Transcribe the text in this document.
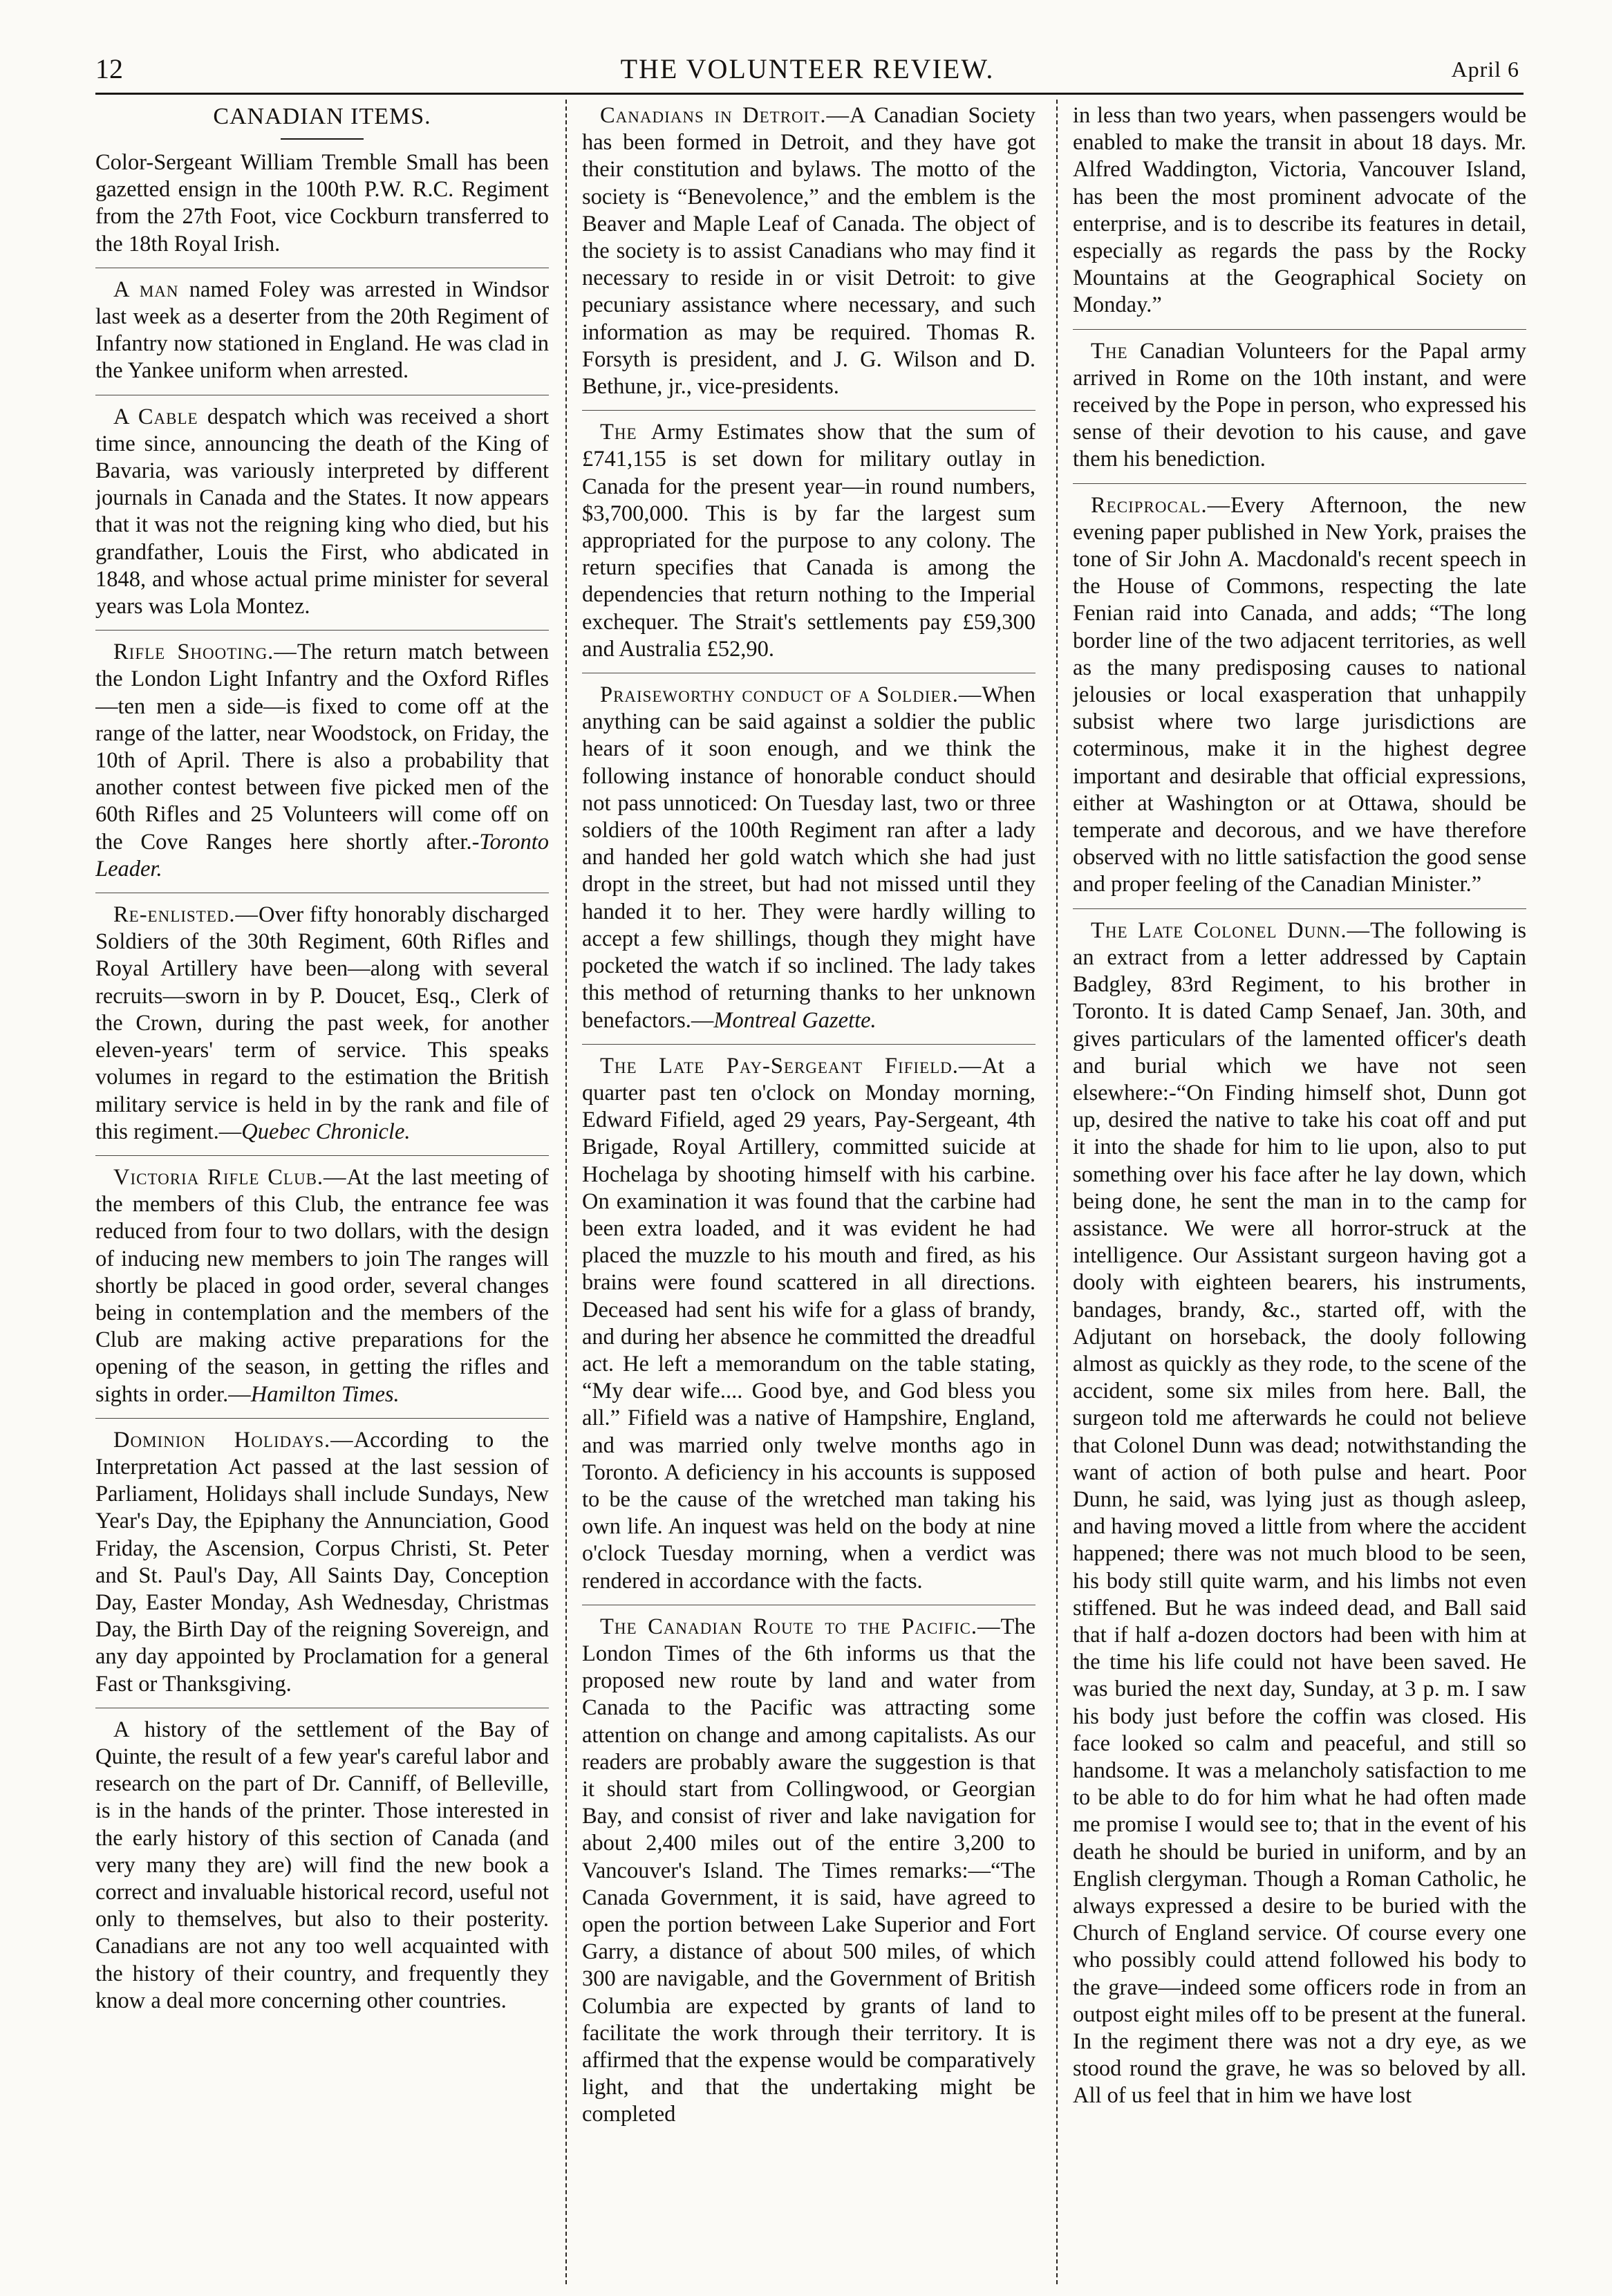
THE VOLUNTEER REVIEW.
12	April 6
CANADIAN ITEMS.

Color-Sergeant William Tremble Small has been gazetted ensign in the 100th P.W. R.C. Regiment from the 27th Foot, vice Cockburn transferred to the 18th Royal Irish.

A man named Foley was arrested in Windsor last week as a deserter from the 20th Regiment of Infantry now stationed in England. He was clad in the Yankee uniform when arrested.

A Cable despatch which was received a short time since, announcing the death of the King of Bavaria, was variously interpreted by different journals in Canada and the States. It now appears that it was not the reigning king who died, but his grandfather, Louis the First, who abdicated in 1848, and whose actual prime minister for several years was Lola Montez.

Rifle Shooting.—The return match between the London Light Infantry and the Oxford Rifles—ten men a side—is fixed to come off at the range of the latter, near Woodstock, on Friday, the 10th of April. There is also a probability that another contest between five picked men of the 60th Rifles and 25 Volunteers will come off on the Cove Ranges here shortly after.-Toronto Leader.

Re-enlisted.—Over fifty honorably discharged Soldiers of the 30th Regiment, 60th Rifles and Royal Artillery have been—along with several recruits—sworn in by P. Doucet, Esq., Clerk of the Crown, during the past week, for another eleven-years' term of service. This speaks volumes in regard to the estimation the British military service is held in by the rank and file of this regiment.—Quebec Chronicle.

Victoria Rifle Club.—At the last meeting of the members of this Club, the entrance fee was reduced from four to two dollars, with the design of inducing new members to join The ranges will shortly be placed in good order, several changes being in contemplation and the members of the Club are making active preparations for the opening of the season, in getting the rifles and sights in order.—Hamilton Times.

Dominion Holidays.—According to the Interpretation Act passed at the last session of Parliament, Holidays shall include Sundays, New Year's Day, the Epiphany the Annunciation, Good Friday, the Ascension, Corpus Christi, St. Peter and St. Paul's Day, All Saints Day, Conception Day, Easter Monday, Ash Wednesday, Christmas Day, the Birth Day of the reigning Sovereign, and any day appointed by Proclamation for a general Fast or Thanksgiving.

A history of the settlement of the Bay of Quinte, the result of a few year's careful labor and research on the part of Dr. Canniff, of Belleville, is in the hands of the printer. Those interested in the early history of this section of Canada (and very many they are) will find the new book a correct and invaluable historical record, useful not only to themselves, but also to their posterity. Canadians are not any too well acquainted with the history of their country, and frequently they know a deal more concerning other countries.

Canadians in Detroit.—A Canadian Society has been formed in Detroit, and they have got their constitution and bylaws. The motto of the society is “Benevolence,” and the emblem is the Beaver and Maple Leaf of Canada. The object of the society is to assist Canadians who may find it necessary to reside in or visit Detroit: to give pecuniary assistance where necessary, and such information as may be required. Thomas R. Forsyth is president, and J. G. Wilson and D. Bethune, jr., vice-presidents.

The Army Estimates show that the sum of £741,155 is set down for military outlay in Canada for the present year—in round numbers, $3,700,000. This is by far the largest sum appropriated for the purpose to any colony. The return specifies that Canada is among the dependencies that return nothing to the Imperial exchequer. The Strait's settlements pay £59,300 and Australia £52,90.

Praiseworthy conduct of a Soldier.—When anything can be said against a soldier the public hears of it soon enough, and we think the following instance of honorable conduct should not pass unnoticed: On Tuesday last, two or three soldiers of the 100th Regiment ran after a lady and handed her gold watch which she had just dropt in the street, but had not missed until they handed it to her. They were hardly willing to accept a few shillings, though they might have pocketed the watch if so inclined. The lady takes this method of returning thanks to her unknown benefactors.—Montreal Gazette.

The Late Pay-Sergeant Fifield.—At a quarter past ten o'clock on Monday morning, Edward Fifield, aged 29 years, Pay-Sergeant, 4th Brigade, Royal Artillery, committed suicide at Hochelaga by shooting himself with his carbine. On examination it was found that the carbine had been extra loaded, and it was evident he had placed the muzzle to his mouth and fired, as his brains were found scattered in all directions. Deceased had sent his wife for a glass of brandy, and during her absence he committed the dreadful act. He left a memorandum on the table stating, “My dear wife.... Good bye, and God bless you all.” Fifield was a native of Hampshire, England, and was married only twelve months ago in Toronto. A deficiency in his accounts is supposed to be the cause of the wretched man taking his own life. An inquest was held on the body at nine o'clock Tuesday morning, when a verdict was rendered in accordance with the facts.

The Canadian Route to the Pacific.—The London Times of the 6th informs us that the proposed new route by land and water from Canada to the Pacific was attracting some attention on change and among capitalists. As our readers are probably aware the suggestion is that it should start from Collingwood, or Georgian Bay, and consist of river and lake navigation for about 2,400 miles out of the entire 3,200 to Vancouver's Island. The Times remarks:—“The Canada Government, it is said, have agreed to open the portion between Lake Superior and Fort Garry, a distance of about 500 miles, of which 300 are navigable, and the Government of British Columbia are expected by grants of land to facilitate the work through their territory. It is affirmed that the expense would be comparatively light, and that the undertaking might be completed

in less than two years, when passengers would be enabled to make the transit in about 18 days. Mr. Alfred Waddington, Victoria, Vancouver Island, has been the most prominent advocate of the enterprise, and is to describe its features in detail, especially as regards the pass by the Rocky Mountains at the Geographical Society on Monday.”

The Canadian Volunteers for the Papal army arrived in Rome on the 10th instant, and were received by the Pope in person, who expressed his sense of their devotion to his cause, and gave them his benediction.

Reciprocal.—Every Afternoon, the new evening paper published in New York, praises the tone of Sir John A. Macdonald's recent speech in the House of Commons, respecting the late Fenian raid into Canada, and adds; “The long border line of the two adjacent territories, as well as the many predisposing causes to national jelousies or local exasperation that unhappily subsist where two large jurisdictions are coterminous, make it in the highest degree important and desirable that official expressions, either at Washington or at Ottawa, should be temperate and decorous, and we have therefore observed with no little satisfaction the good sense and proper feeling of the Canadian Minister.”

The Late Colonel Dunn.—The following is an extract from a letter addressed by Captain Badgley, 83rd Regiment, to his brother in Toronto. It is dated Camp Senaef, Jan. 30th, and gives particulars of the lamented officer's death and burial which we have not seen elsewhere:-“On Finding himself shot, Dunn got up, desired the native to take his coat off and put it into the shade for him to lie upon, also to put something over his face after he lay down, which being done, he sent the man in to the camp for assistance. We were all horror-struck at the intelligence. Our Assistant surgeon having got a dooly with eighteen bearers, his instruments, bandages, brandy, &c., started off, with the Adjutant on horseback, the dooly following almost as quickly as they rode, to the scene of the accident, some six miles from here. Ball, the surgeon told me afterwards he could not believe that Colonel Dunn was dead; notwithstanding the want of action of both pulse and heart. Poor Dunn, he said, was lying just as though asleep, and having moved a little from where the accident happened; there was not much blood to be seen, his body still quite warm, and his limbs not even stiffened. But he was indeed dead, and Ball said that if half a-dozen doctors had been with him at the time his life could not have been saved. He was buried the next day, Sunday, at 3 p. m. I saw his body just before the coffin was closed. His face looked so calm and peaceful, and still so handsome. It was a melancholy satisfaction to me to be able to do for him what he had often made me promise I would see to; that in the event of his death he should be buried in uniform, and by an English clergyman. Though a Roman Catholic, he always expressed a desire to be buried with the Church of England service. Of course every one who possibly could attend followed his body to the grave—indeed some officers rode in from an outpost eight miles off to be present at the funeral. In the regiment there was not a dry eye, as we stood round the grave, he was so beloved by all. All of us feel that in him we have lost
